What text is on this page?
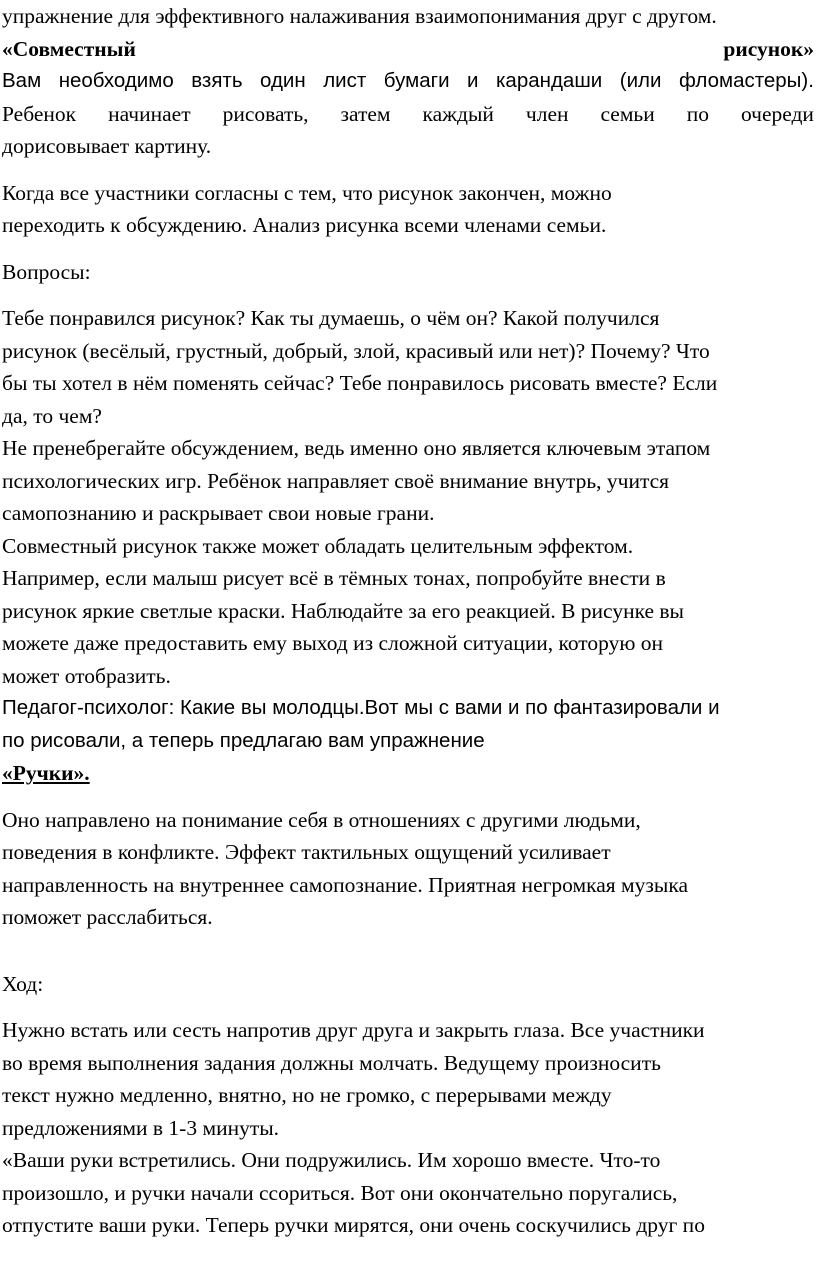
упражнение для эффективного налаживания взаимопонимания друг с другом.
«Совместный	рисунок»
Вам необходимо взять один лист бумаги и карандаши (или фломастеры).
Ребенок начинает рисовать, затем каждый член семьи по очереди
дорисовывает картину.
Когда все участники согласны с тем, что рисунок закончен, можно
переходить к обсуждению. Анализ рисунка всеми членами семьи.
Вопросы:
Тебе понравился рисунок? Как ты думаешь, о чём он? Какой получился
рисунок (весёлый, грустный, добрый, злой, красивый или нет)? Почему? Что
бы ты хотел в нём поменять сейчас? Тебе понравилось рисовать вместе? Если
да, то чем?
Не пренебрегайте обсуждением, ведь именно оно является ключевым этапом
психологических игр. Ребёнок направляет своё внимание внутрь, учится
самопознанию и раскрывает свои новые грани.
Совместный рисунок также может обладать целительным эффектом.
Например, если малыш рисует всё в тёмных тонах, попробуйте внести в
рисунок яркие светлые краски. Наблюдайте за его реакцией. В рисунке вы
можете даже предоставить ему выход из сложной ситуации, которую он
может отобразить.
Педагог-психолог: Какие вы молодцы.Вот мы с вами и по фантазировали и
по рисовали, а теперь предлагаю вам упражнение
«Ручки».
Оно направлено на понимание себя в отношениях с другими людьми,
поведения в конфликте. Эффект тактильных ощущений усиливает
направленность на внутреннее самопознание. Приятная негромкая музыка
поможет расслабиться.
Ход:
Нужно встать или сесть напротив друг друга и закрыть глаза. Все участники
во время выполнения задания должны молчать. Ведущему произносить
текст нужно медленно, внятно, но не громко, с перерывами между
предложениями в 1-3 минуты.
«Ваши руки встретились. Они подружились. Им хорошо вместе. Что-то
произошло, и ручки начали ссориться. Вот они окончательно поругались,
отпустите ваши руки. Теперь ручки мирятся, они очень соскучились друг по
